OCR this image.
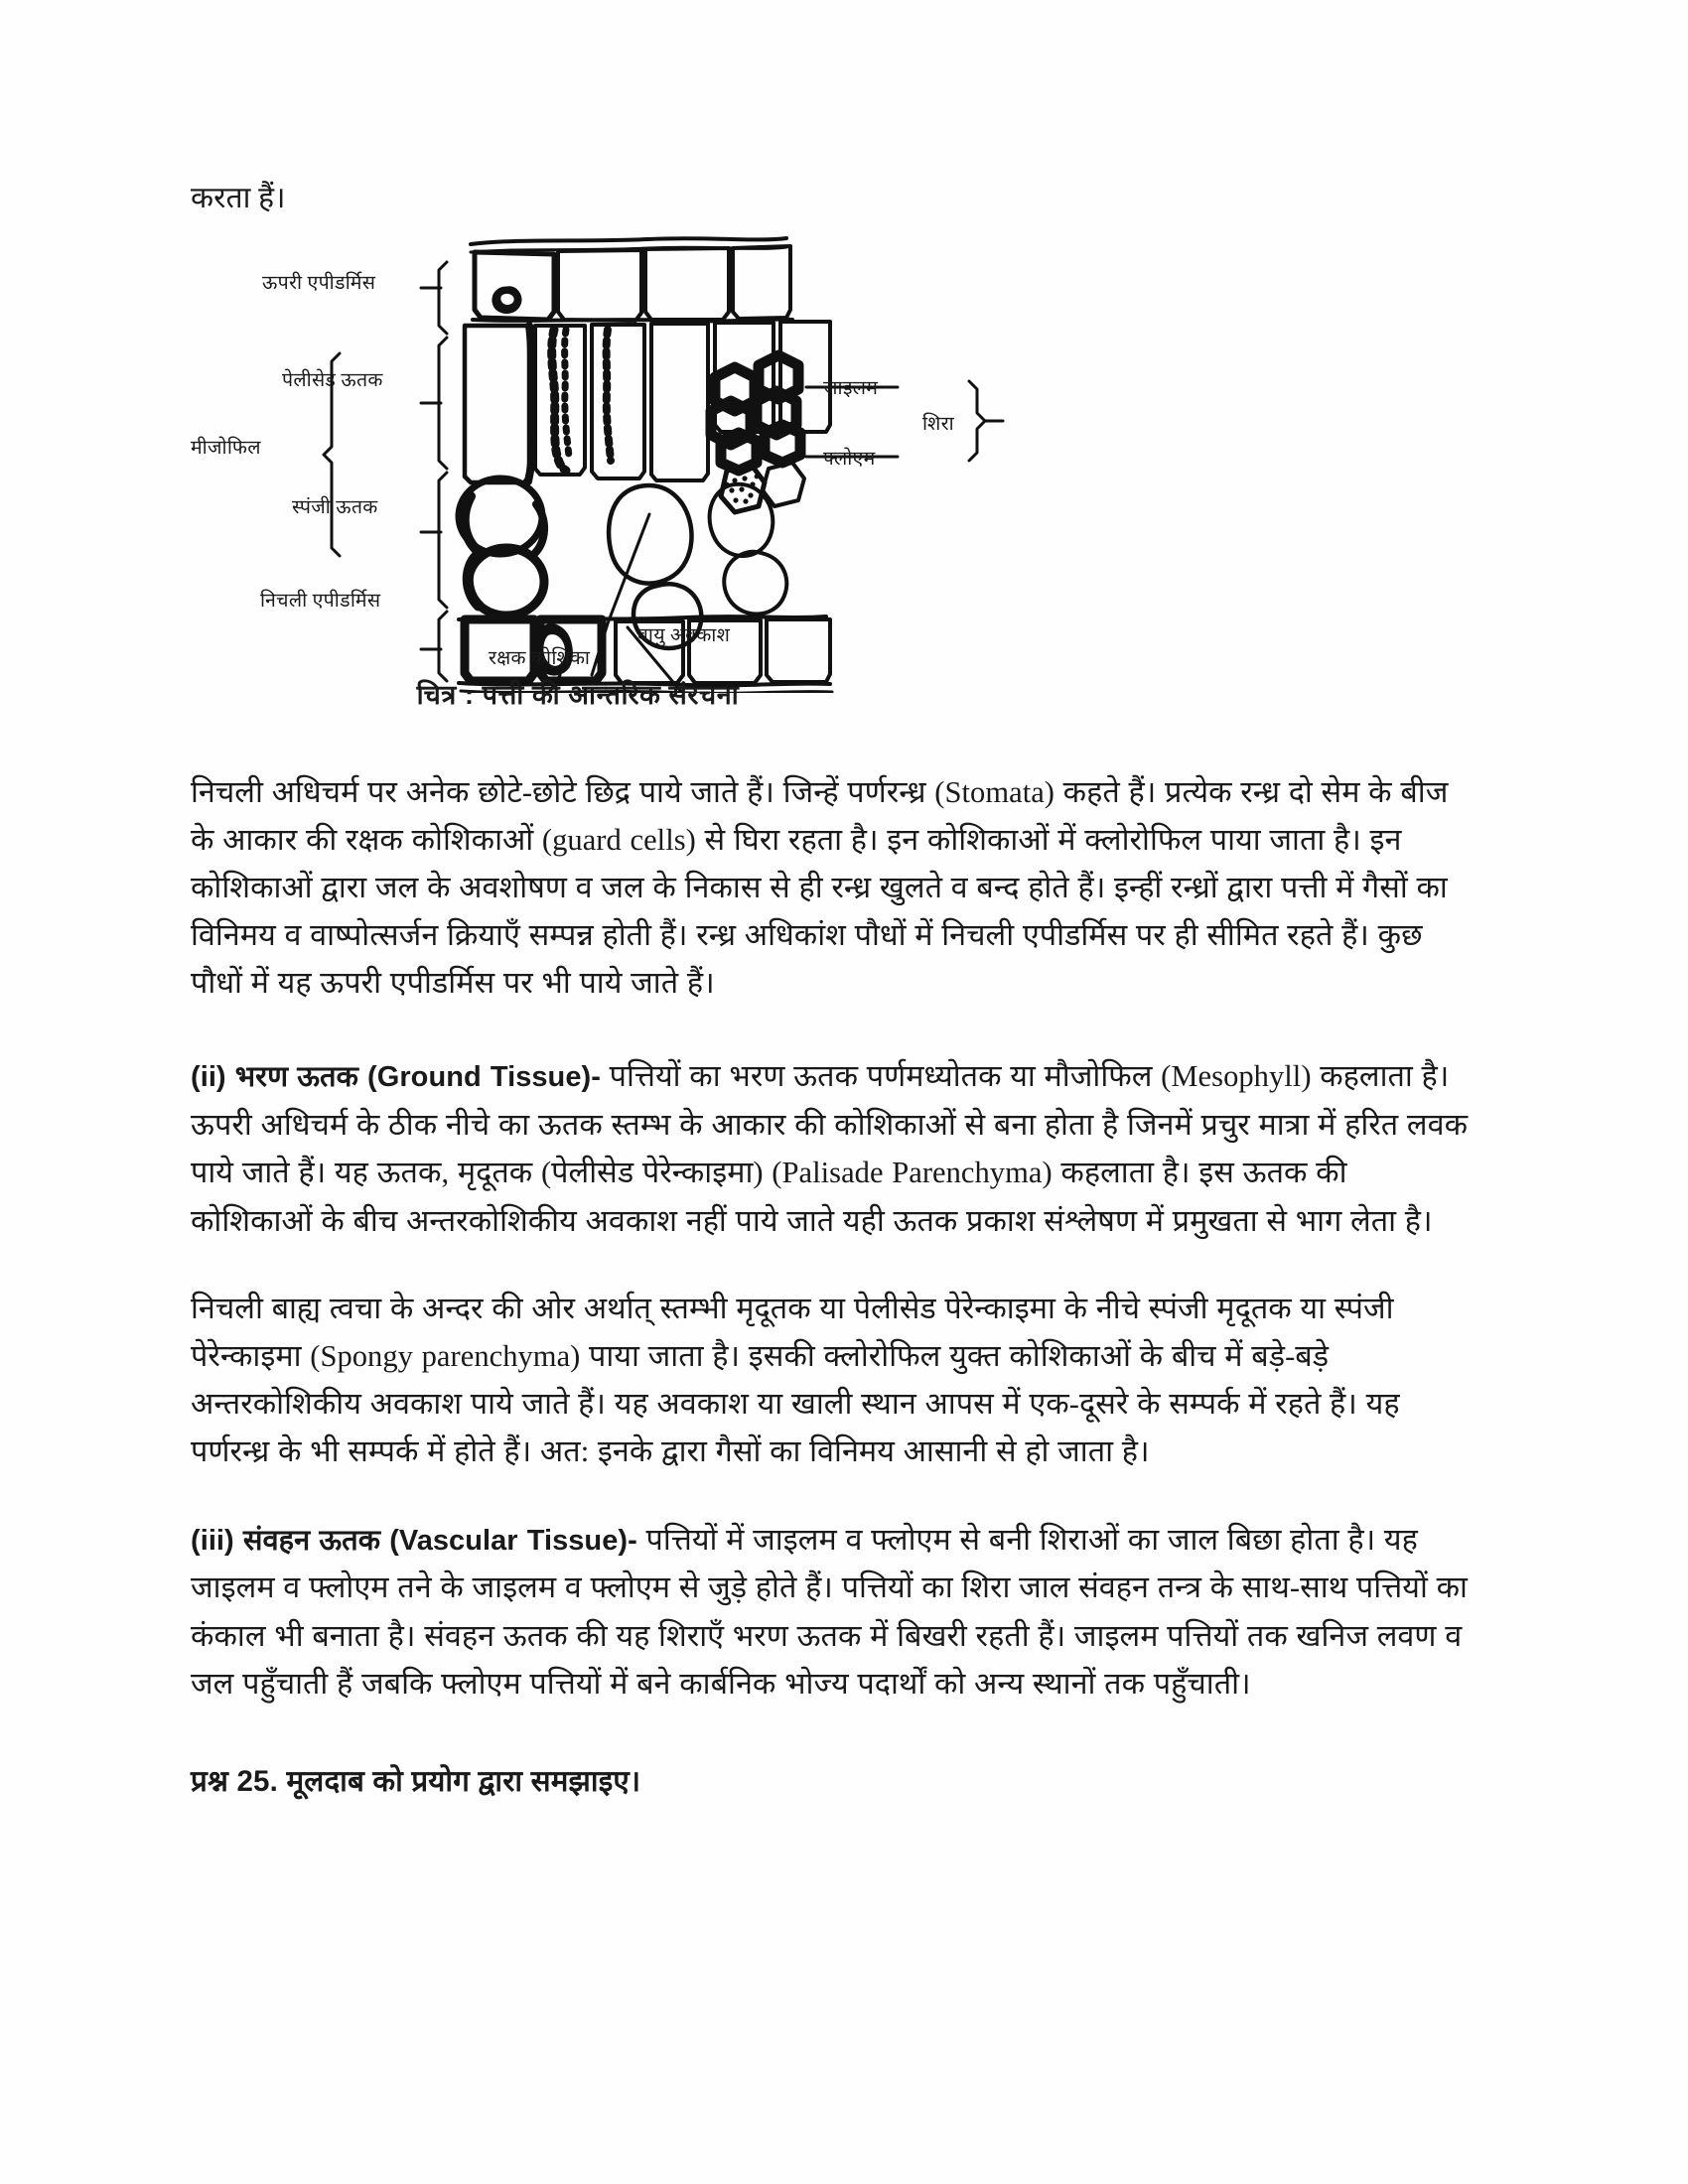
करता हैं।
ऊपरी एपीडर्मिस
पेलीसेड ऊतक
मीजोफिल
स्पंजी ऊतक
निचली एपीडर्मिस
जाइलम
फ्लोएम
शिरा
रक्षक कोशिका
वायु अवकाश
चित्र : पत्ती की आन्तरिक संरचना

निचली अधिचर्म पर अनेक छोटे-छोटे छिद्र पाये जाते हैं। जिन्हें पर्णरन्ध्र (Stomata) कहते हैं। प्रत्येक रन्ध्र दो सेम के बीज के आकार की रक्षक कोशिकाओं (guard cells) से घिरा रहता है। इन कोशिकाओं में क्लोरोफिल पाया जाता है। इन कोशिकाओं द्वारा जल के अवशोषण व जल के निकास से ही रन्ध्र खुलते व बन्द होते हैं। इन्हीं रन्ध्रों द्वारा पत्ती में गैसों का विनिमय व वाष्पोत्सर्जन क्रियाएँ सम्पन्न होती हैं। रन्ध्र अधिकांश पौधों में निचली एपीडर्मिस पर ही सीमित रहते हैं। कुछ पौधों में यह ऊपरी एपीडर्मिस पर भी पाये जाते हैं।

(ii) भरण ऊतक (Ground Tissue)- पत्तियों का भरण ऊतक पर्णमध्योतक या मौजोफिल (Mesophyll) कहलाता है। ऊपरी अधिचर्म के ठीक नीचे का ऊतक स्तम्भ के आकार की कोशिकाओं से बना होता है जिनमें प्रचुर मात्रा में हरित लवक पाये जाते हैं। यह ऊतक, मृदूतक (पेलीसेड पेरेन्काइमा) (Palisade Parenchyma) कहलाता है। इस ऊतक की कोशिकाओं के बीच अन्तरकोशिकीय अवकाश नहीं पाये जाते यही ऊतक प्रकाश संश्लेषण में प्रमुखता से भाग लेता है।

निचली बाह्य त्वचा के अन्दर की ओर अर्थात् स्तम्भी मृदूतक या पेलीसेड पेरेन्काइमा के नीचे स्पंजी मृदूतक या स्पंजी पेरेन्काइमा (Spongy parenchyma) पाया जाता है। इसकी क्लोरोफिल युक्त कोशिकाओं के बीच में बड़े-बड़े अन्तरकोशिकीय अवकाश पाये जाते हैं। यह अवकाश या खाली स्थान आपस में एक-दूसरे के सम्पर्क में रहते हैं। यह पर्णरन्ध्र के भी सम्पर्क में होते हैं। अत: इनके द्वारा गैसों का विनिमय आसानी से हो जाता है।

(iii) संवहन ऊतक (Vascular Tissue)- पत्तियों में जाइलम व फ्लोएम से बनी शिराओं का जाल बिछा होता है। यह जाइलम व फ्लोएम तने के जाइलम व फ्लोएम से जुड़े होते हैं। पत्तियों का शिरा जाल संवहन तन्त्र के साथ-साथ पत्तियों का कंकाल भी बनाता है। संवहन ऊतक की यह शिराएँ भरण ऊतक में बिखरी रहती हैं। जाइलम पत्तियों तक खनिज लवण व जल पहुँचाती हैं जबकि फ्लोएम पत्तियों में बने कार्बनिक भोज्य पदार्थों को अन्य स्थानों तक पहुँचाती।

प्रश्न 25. मूलदाब को प्रयोग द्वारा समझाइए।
